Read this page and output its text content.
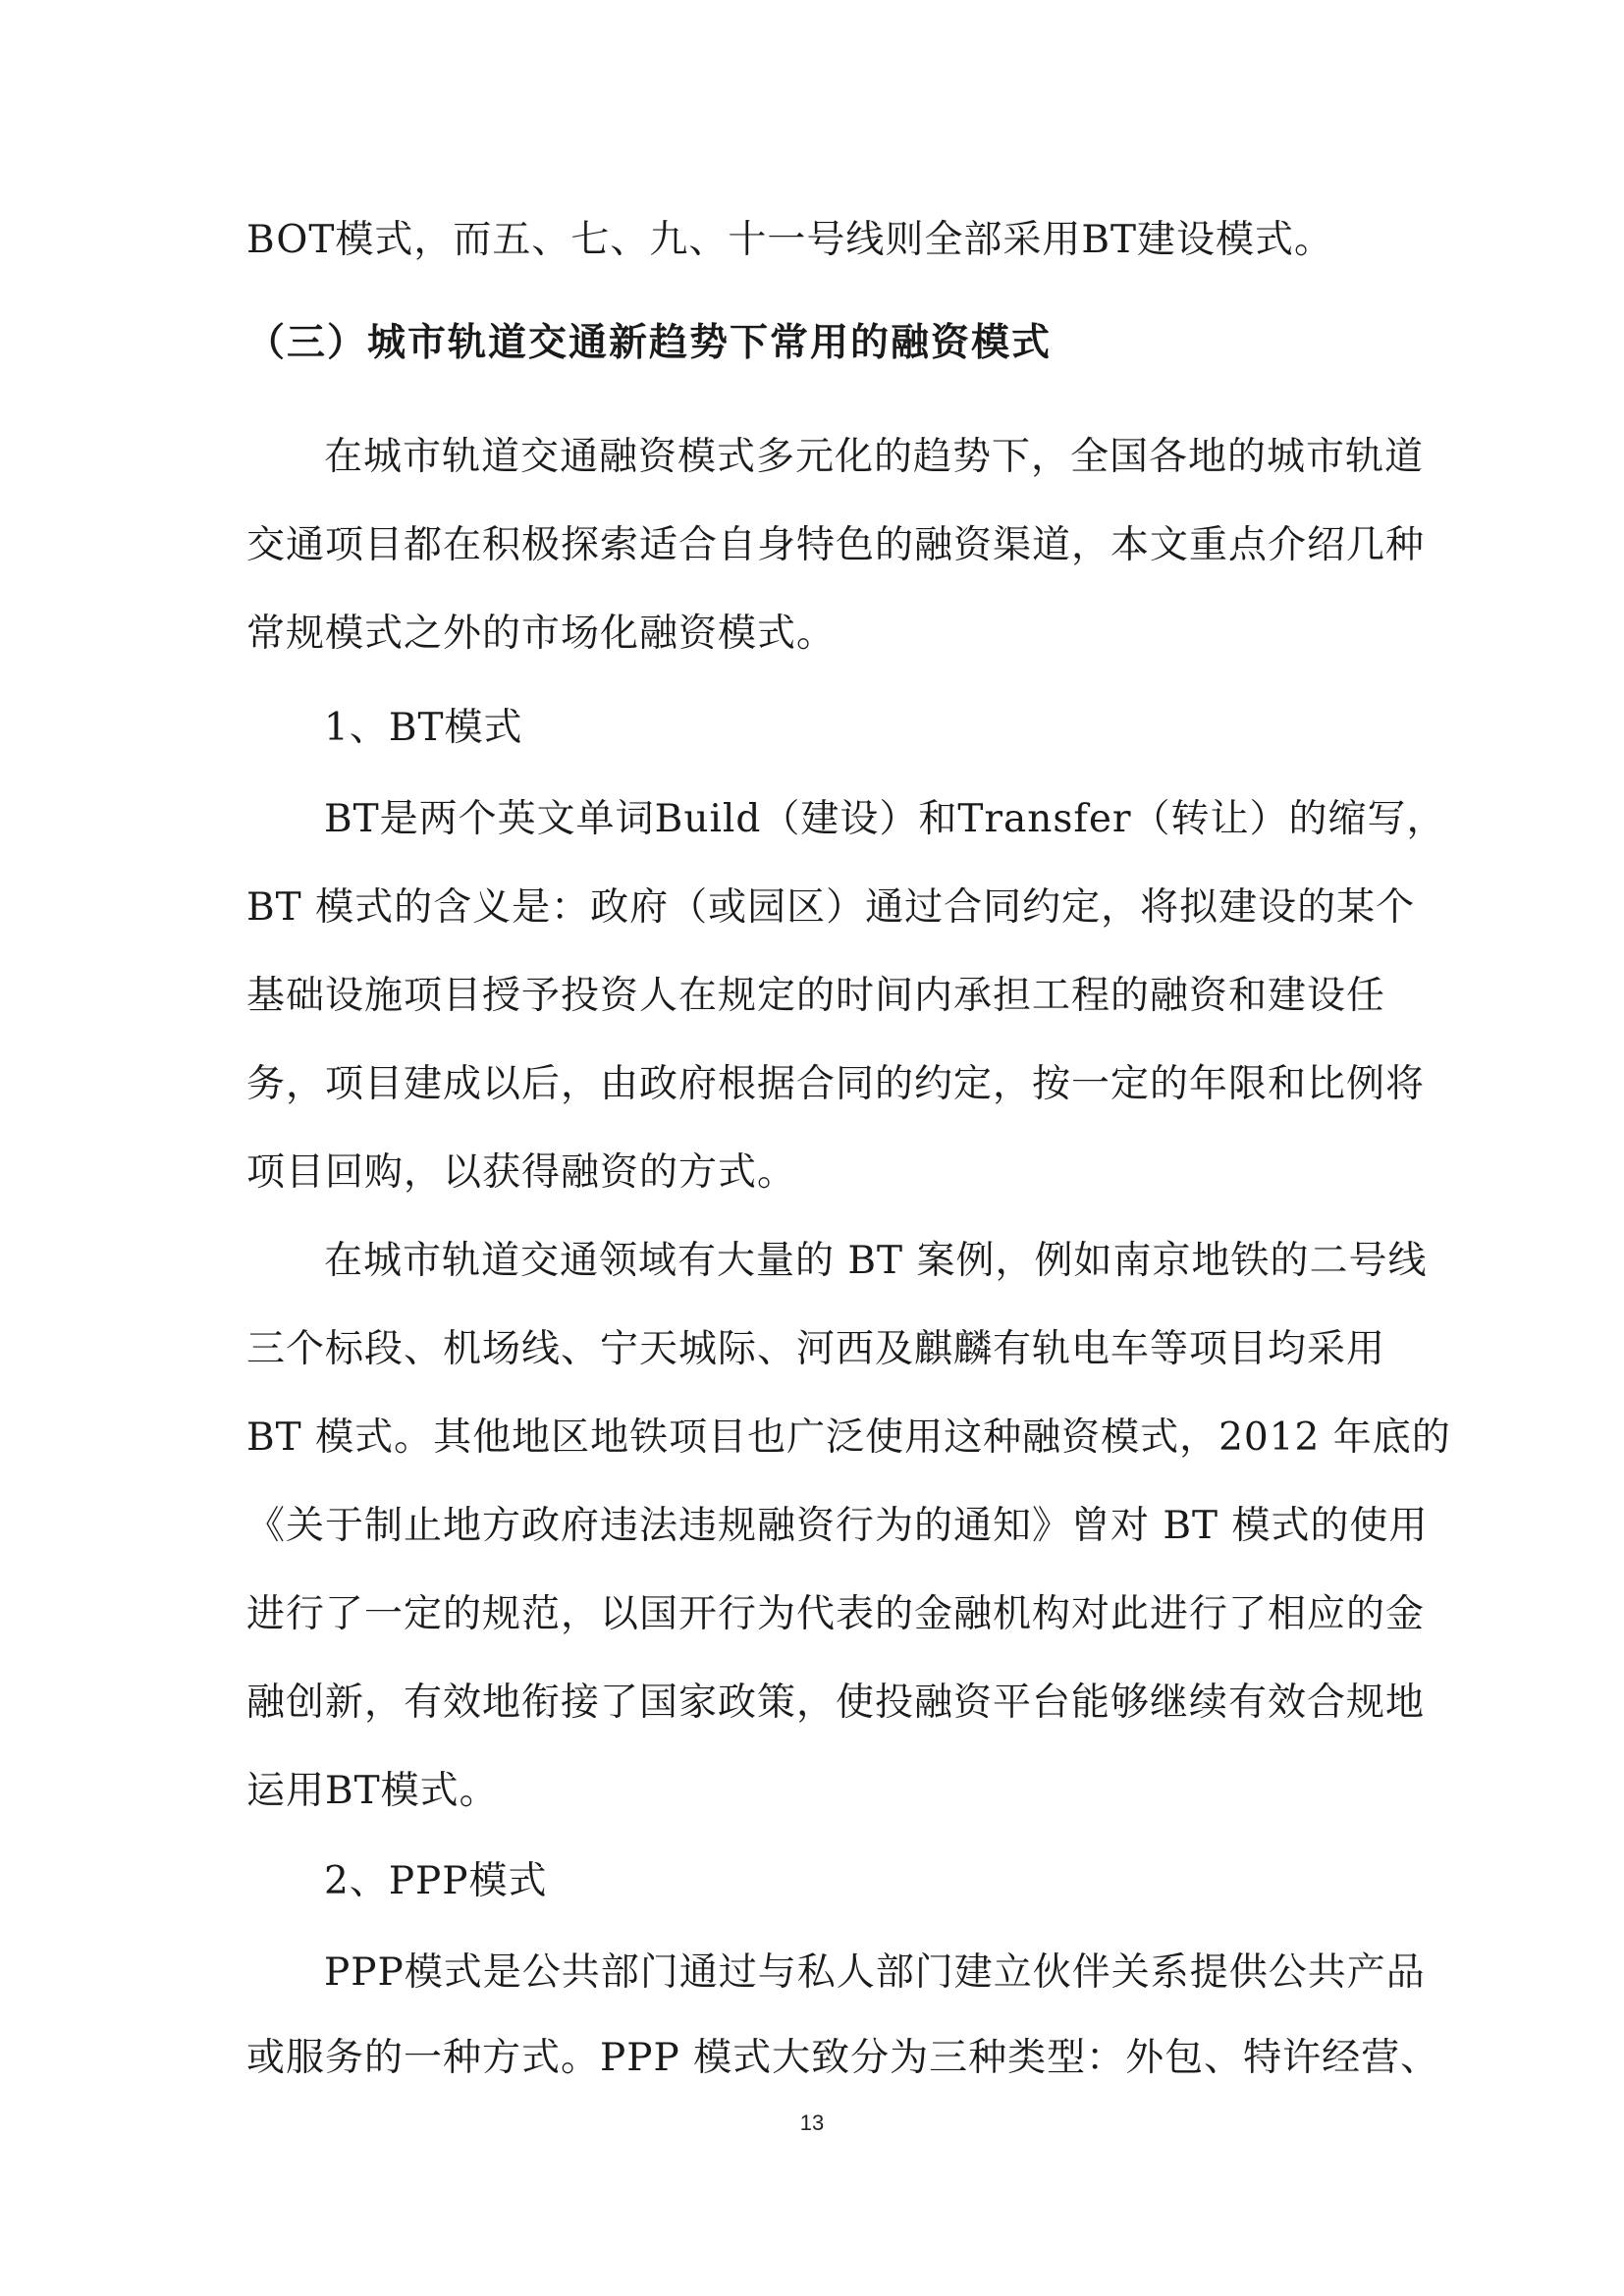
BOT模式，而五、七、九、十一号线则全部采用BT建设模式。
（三）城市轨道交通新趋势下常用的融资模式
在城市轨道交通融资模式多元化的趋势下，全国各地的城市轨道
交通项目都在积极探索适合自身特色的融资渠道，本文重点介绍几种
常规模式之外的市场化融资模式。
1、BT模式
BT是两个英文单词Build（建设）和Transfer（转让）的缩写，
BT 模式的含义是：政府（或园区）通过合同约定，将拟建设的某个
基础设施项目授予投资人在规定的时间内承担工程的融资和建设任
务，项目建成以后，由政府根据合同的约定，按一定的年限和比例将
项目回购，以获得融资的方式。
在城市轨道交通领域有大量的 BT 案例，例如南京地铁的二号线
三个标段、机场线、宁天城际、河西及麒麟有轨电车等项目均采用
BT 模式。其他地区地铁项目也广泛使用这种融资模式，2012 年底的
《关于制止地方政府违法违规融资行为的通知》曾对 BT 模式的使用
进行了一定的规范，以国开行为代表的金融机构对此进行了相应的金
融创新，有效地衔接了国家政策，使投融资平台能够继续有效合规地
运用BT模式。
2、PPP模式
PPP模式是公共部门通过与私人部门建立伙伴关系提供公共产品
或服务的一种方式。PPP 模式大致分为三种类型：外包、特许经营、
13
